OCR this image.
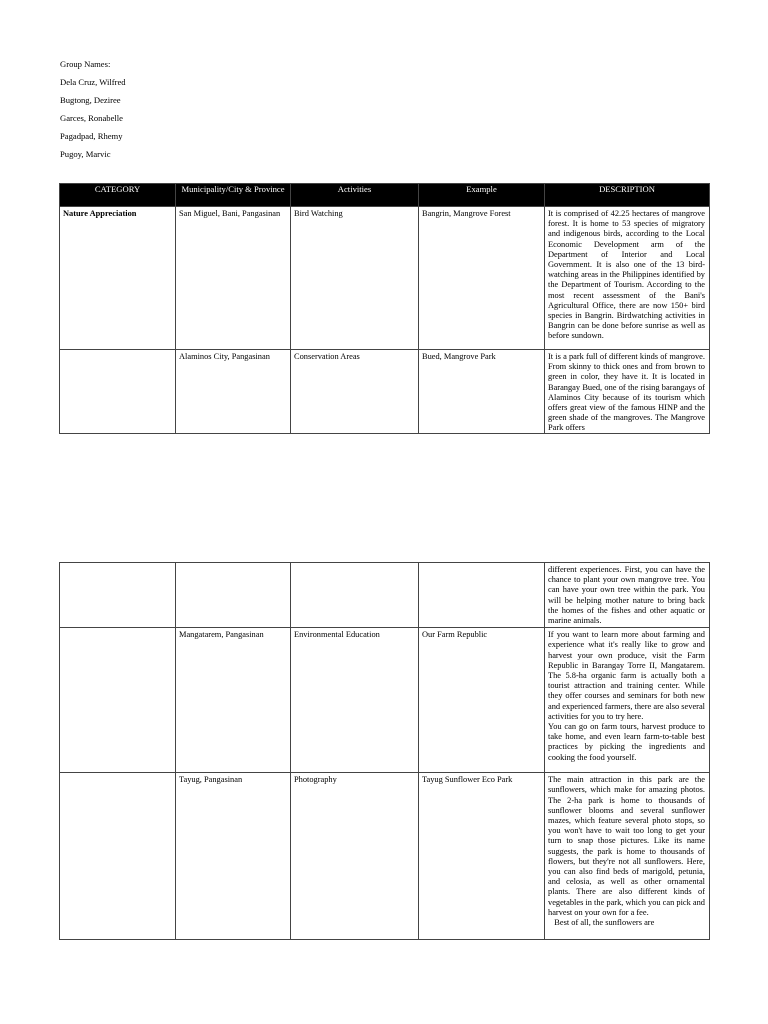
Group Names:
Dela Cruz, Wilfred
Bugtong, Deziree
Garces, Ronabelle
Pagadpad, Rhemy
Pugoy, Marvic
CATEGORY	Municipality/City & Province	Activities	Example	DESCRIPTION
Nature Appreciation	San Miguel, Bani, Pangasinan	Bird Watching	Bangrin, Mangrove Forest	It is comprised of 42.25 hectares of mangrove forest. It is home to 53 species of migratory and indigenous birds, according to the Local Economic Development arm of the Department of Interior and Local Government. It is also one of the 13 bird-watching areas in the Philippines identified by the Department of Tourism. According to the most recent assessment of the Bani's Agricultural Office, there are now 150+ bird species in Bangrin. Birdwatching activities in Bangrin can be done before sunrise as well as before sundown.

	Alaminos City, Pangasinan	Conservation Areas	Bued, Mangrove Park	It is a park full of different kinds of mangrove. From skinny to thick ones and from brown to green in color, they have it. It is located in Barangay Bued, one of the rising barangays of Alaminos City because of its tourism which offers great view of the famous HINP and the green shade of the mangroves. The Mangrove Park offers
				different experiences. First, you can have the chance to plant your own mangrove tree. You can have your own tree within the park. You will be helping mother nature to bring back the homes of the fishes and other aquatic or marine animals.
	Mangatarem, Pangasinan	Environmental Education	Our Farm Republic	If you want to learn more about farming and experience what it's really like to grow and harvest your own produce, visit the Farm Republic in Barangay Torre II, Mangatarem. The 5.8-ha organic farm is actually both a tourist attraction and training center. While they offer courses and seminars for both new and experienced farmers, there are also several activities for you to try here.
You can go on farm tours, harvest produce to take home, and even learn farm-to-table best practices by picking the ingredients and cooking the food yourself.

	Tayug, Pangasinan	Photography	Tayug Sunflower Eco Park	The main attraction in this park are the sunflowers, which make for amazing photos. The 2-ha park is home to thousands of sunflower blooms and several sunflower mazes, which feature several photo stops, so you won't have to wait too long to get your turn to snap those pictures. Like its name suggests, the park is home to thousands of flowers, but they're not all sunflowers. Here, you can also find beds of marigold, petunia, and celosia, as well as other ornamental plants. There are also different kinds of vegetables in the park, which you can pick and harvest on your own for a fee.
Best of all, the sunflowers are
